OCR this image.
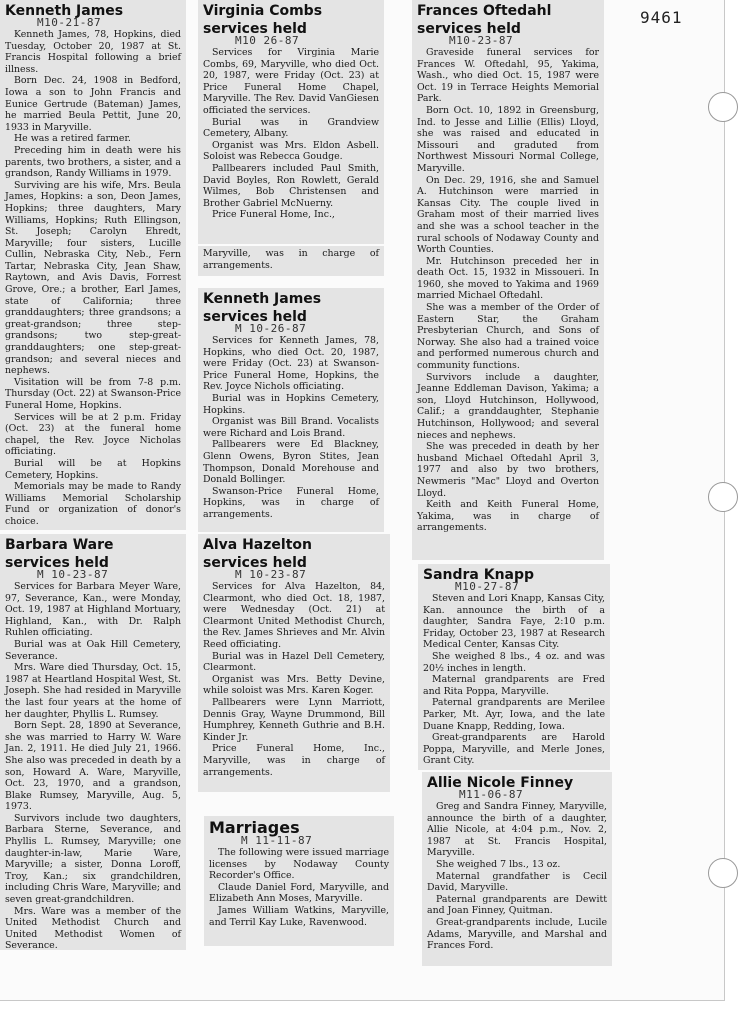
9461
Kenneth James
M10-21-87

Kenneth James, 78, Hopkins, died Tuesday, October 20, 1987 at St. Francis Hospital following a brief illness.

Born Dec. 24, 1908 in Bedford, Iowa a son to John Francis and Eunice Gertrude (Bateman) James, he married Beula Pettit, June 20, 1933 in Maryville.

He was a retired farmer.

Preceding him in death were his parents, two brothers, a sister, and a grandson, Randy Williams in 1979.

Surviving are his wife, Mrs. Beula James, Hopkins: a son, Deon James, Hopkins; three daughters, Mary Williams, Hopkins; Ruth Ellingson, St. Joseph; Carolyn Ehredt, Maryville; four sisters, Lucille Cullin, Nebraska City, Neb., Fern Tartar, Nebraska City, Jean Shaw, Raytown, and Avis Davis, Forrest Grove, Ore.; a brother, Earl James, state of California; three granddaughters; three grandsons; a great-grandson; three step-grandsons; two step-great-granddaughters; one step-great-grandson; and several nieces and nephews.

Visitation will be from 7-8 p.m. Thursday (Oct. 22) at Swanson-Price Funeral Home, Hopkins.

Services will be at 2 p.m. Friday (Oct. 23) at the funeral home chapel, the Rev. Joyce Nicholas officiating.

Burial will be at Hopkins Cemetery, Hopkins.

Memorials may be made to Randy Williams Memorial Scholarship Fund or organization of donor's choice.

Barbara Ware
services held
M 10-23-87

Services for Barbara Meyer Ware, 97, Severance, Kan., were Monday, Oct. 19, 1987 at Highland Mortuary, Highland, Kan., with Dr. Ralph Ruhlen officiating.

Burial was at Oak Hill Cemetery, Severance.

Mrs. Ware died Thursday, Oct. 15, 1987 at Heartland Hospital West, St. Joseph. She had resided in Maryville the last four years at the home of her daughter, Phyllis L. Rumsey.

Born Sept. 28, 1890 at Severance, she was married to Harry W. Ware Jan. 2, 1911. He died July 21, 1966. She also was preceded in death by a son, Howard A. Ware, Maryville, Oct. 23, 1970, and a grandson, Blake Rumsey, Maryville, Aug. 5, 1973.

Survivors include two daughters, Barbara Sterne, Severance, and Phyllis L. Rumsey, Maryville; one daughter-in-law, Marie Ware, Maryville; a sister, Donna Loroff, Troy, Kan.; six grandchildren, including Chris Ware, Maryville; and seven great-grandchildren.

Mrs. Ware was a member of the United Methodist Church and United Methodist Women of Severance.

Virginia Combs
services held
M10 26-87

Services for Virginia Marie Combs, 69, Maryville, who died Oct. 20, 1987, were Friday (Oct. 23) at Price Funeral Home Chapel, Maryville. The Rev. David VanGiesen officiated the services.

Burial was in Grandview Cemetery, Albany.

Organist was Mrs. Eldon Asbell. Soloist was Rebecca Goudge.

Pallbearers included Paul Smith, David Boyles, Ron Rowlett, Gerald Wilmes, Bob Christensen and Brother Gabriel McNuerny.

Price Funeral Home, Inc.,

Maryville, was in charge of arrangements.

Kenneth James
services held
M 10-26-87

Services for Kenneth James, 78, Hopkins, who died Oct. 20, 1987, were Friday (Oct. 23) at Swanson-Price Funeral Home, Hopkins, the Rev. Joyce Nichols officiating.

Burial was in Hopkins Cemetery, Hopkins.

Organist was Bill Brand. Vocalists were Richard and Lois Brand.

Pallbearers were Ed Blackney, Glenn Owens, Byron Stites, Jean Thompson, Donald Morehouse and Donald Bollinger.

Swanson-Price Funeral Home, Hopkins, was in charge of arrangements.

Alva Hazelton
services held
M 10-23-87

Services for Alva Hazelton, 84, Clearmont, who died Oct. 18, 1987, were Wednesday (Oct. 21) at Clearmont United Methodist Church, the Rev. James Shrieves and Mr. Alvin Reed officiating.

Burial was in Hazel Dell Cemetery, Clearmont.

Organist was Mrs. Betty Devine, while soloist was Mrs. Karen Koger.

Pallbearers were Lynn Marriott, Dennis Gray, Wayne Drummond, Bill Humphrey, Kenneth Guthrie and B.H. Kinder Jr.

Price Funeral Home, Inc., Maryville, was in charge of arrangements.

Marriages
M 11-11-87

The following were issued marriage licenses by Nodaway County Recorder's Office.

Claude Daniel Ford, Maryville, and Elizabeth Ann Moses, Maryville.

James William Watkins, Maryville, and Terril Kay Luke, Ravenwood.

Frances Oftedahl
services held
M10-23-87

Graveside funeral services for Frances W. Oftedahl, 95, Yakima, Wash., who died Oct. 15, 1987 were Oct. 19 in Terrace Heights Memorial Park.

Born Oct. 10, 1892 in Greensburg, Ind. to Jesse and Lillie (Ellis) Lloyd, she was raised and educated in Missouri and graduted from Northwest Missouri Normal College, Maryville.

On Dec. 29, 1916, she and Samuel A. Hutchinson were married in Kansas City. The couple lived in Graham most of their married lives and she was a school teacher in the rural schools of Nodaway County and Worth Counties.

Mr. Hutchinson preceded her in death Oct. 15, 1932 in Missoueri. In 1960, she moved to Yakima and 1969 married Michael Oftedahl.

She was a member of the Order of Eastern Star, the Graham Presbyterian Church, and Sons of Norway. She also had a trained voice and performed numerous church and community functions.

Survivors include a daughter, Jeanne Eddleman Davison, Yakima; a son, Lloyd Hutchinson, Hollywood, Calif.; a granddaughter, Stephanie Hutchinson, Hollywood; and several nieces and nephews.

She was preceded in death by her husband Michael Oftedahl April 3, 1977 and also by two brothers, Newmeris "Mac" Lloyd and Overton Lloyd.

Keith and Keith Funeral Home, Yakima, was in charge of arrangements.

Sandra Knapp
M10-27-87

Steven and Lori Knapp, Kansas City, Kan. announce the birth of a daughter, Sandra Faye, 2:10 p.m. Friday, October 23, 1987 at Research Medical Center, Kansas City.

She weighed 8 lbs., 4 oz. and was 20½ inches in length.

Maternal grandparents are Fred and Rita Poppa, Maryville.

Paternal grandparents are Merilee Parker, Mt. Ayr, Iowa, and the late Duane Knapp, Redding, Iowa.

Great-grandparents are Harold Poppa, Maryville, and Merle Jones, Grant City.

Allie Nicole Finney
M11-06-87

Greg and Sandra Finney, Maryville, announce the birth of a daughter, Allie Nicole, at 4:04 p.m., Nov. 2, 1987 at St. Francis Hospital, Maryville.

She weighed 7 lbs., 13 oz.

Maternal grandfather is Cecil David, Maryville.

Paternal grandparents are Dewitt and Joan Finney, Quitman.

Great-grandparents include, Lucile Adams, Maryville, and Marshal and Frances Ford.
